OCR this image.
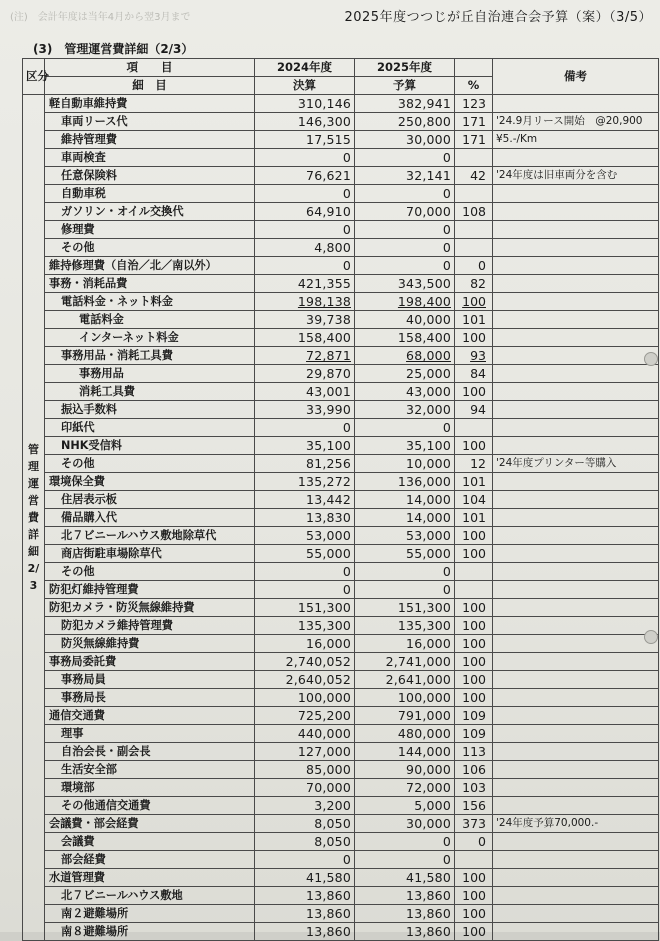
(注)　会計年度は当年4月から翌3月まで	2025年度つつじが丘自治連合会予算（案）（3/5）
(3)　管理運営費詳細（2/3）
区分	項　　目	2024年度	2025年度		備考
	細　目	決算	予算	%	

管理運営費詳細2/3	軽自動車維持費	310,146	382,941	123	
	車両リース代	146,300	250,800	171	'24.9月リース開始　@20,900
	維持管理費	17,515	30,000	171	¥5.-/Km
	車両検査	0	0		
	任意保険料	76,621	32,141	42	'24年度は旧車両分を含む
	自動車税	0	0		
	ガソリン・オイル交換代	64,910	70,000	108	
	修理費	0	0		
	その他	4,800	0		
	維持修理費（自治／北／南以外）	0	0	0	
	事務・消耗品費	421,355	343,500	82	
	電話料金・ネット料金	198,138	198,400	100	
	電話料金	39,738	40,000	101	
	インターネット料金	158,400	158,400	100	
	事務用品・消耗工具費	72,871	68,000	93	
	事務用品	29,870	25,000	84	
	消耗工具費	43,001	43,000	100	
	振込手数料	33,990	32,000	94	
	印紙代	0	0		
	NHK受信料	35,100	35,100	100	
	その他	81,256	10,000	12	'24年度プリンター等購入
	環境保全費	135,272	136,000	101	
	住居表示板	13,442	14,000	104	
	備品購入代	13,830	14,000	101	
	北７ビニールハウス敷地除草代	53,000	53,000	100	
	商店街駐車場除草代	55,000	55,000	100	
	その他	0	0		
	防犯灯維持管理費	0	0		
	防犯カメラ・防災無線維持費	151,300	151,300	100	
	防犯カメラ維持管理費	135,300	135,300	100	
	防災無線維持費	16,000	16,000	100	
	事務局委託費	2,740,052	2,741,000	100	
	事務局員	2,640,052	2,641,000	100	
	事務局長	100,000	100,000	100	
	通信交通費	725,200	791,000	109	
	理事	440,000	480,000	109	
	自治会長・副会長	127,000	144,000	113	
	生活安全部	85,000	90,000	106	
	環境部	70,000	72,000	103	
	その他通信交通費	3,200	5,000	156	
	会議費・部会経費	8,050	30,000	373	'24年度予算70,000.-
	会議費	8,050	0	0	
	部会経費	0	0		
	水道管理費	41,580	41,580	100	
	北７ビニールハウス敷地	13,860	13,860	100	
	南２避難場所	13,860	13,860	100	
	南８避難場所	13,860	13,860	100	
